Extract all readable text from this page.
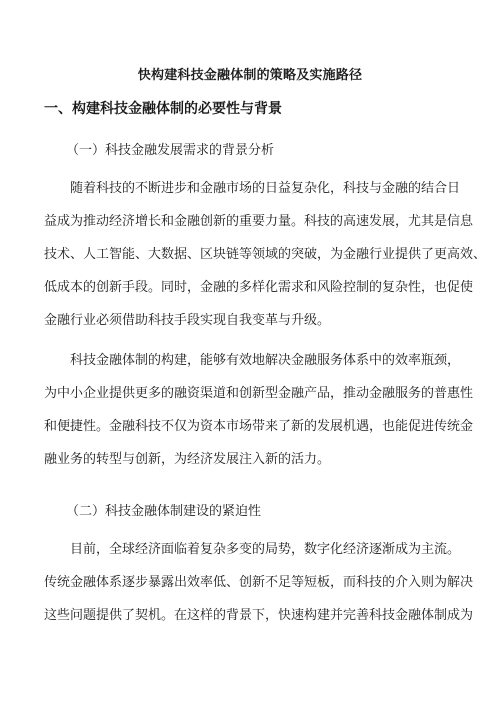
快构建科技金融体制的策略及实施路径
一、构建科技金融体制的必要性与背景
（一）科技金融发展需求的背景分析
随着科技的不断进步和金融市场的日益复杂化，科技与金融的结合日
益成为推动经济增长和金融创新的重要力量。科技的高速发展，尤其是信息
技术、人工智能、大数据、区块链等领域的突破，为金融行业提供了更高效、
低成本的创新手段。同时，金融的多样化需求和风险控制的复杂性，也促使
金融行业必须借助科技手段实现自我变革与升级。
科技金融体制的构建，能够有效地解决金融服务体系中的效率瓶颈，
为中小企业提供更多的融资渠道和创新型金融产品，推动金融服务的普惠性
和便捷性。金融科技不仅为资本市场带来了新的发展机遇，也能促进传统金
融业务的转型与创新，为经济发展注入新的活力。
（二）科技金融体制建设的紧迫性
目前，全球经济面临着复杂多变的局势，数字化经济逐渐成为主流。
传统金融体系逐步暴露出效率低、创新不足等短板，而科技的介入则为解决
这些问题提供了契机。在这样的背景下，快速构建并完善科技金融体制成为
